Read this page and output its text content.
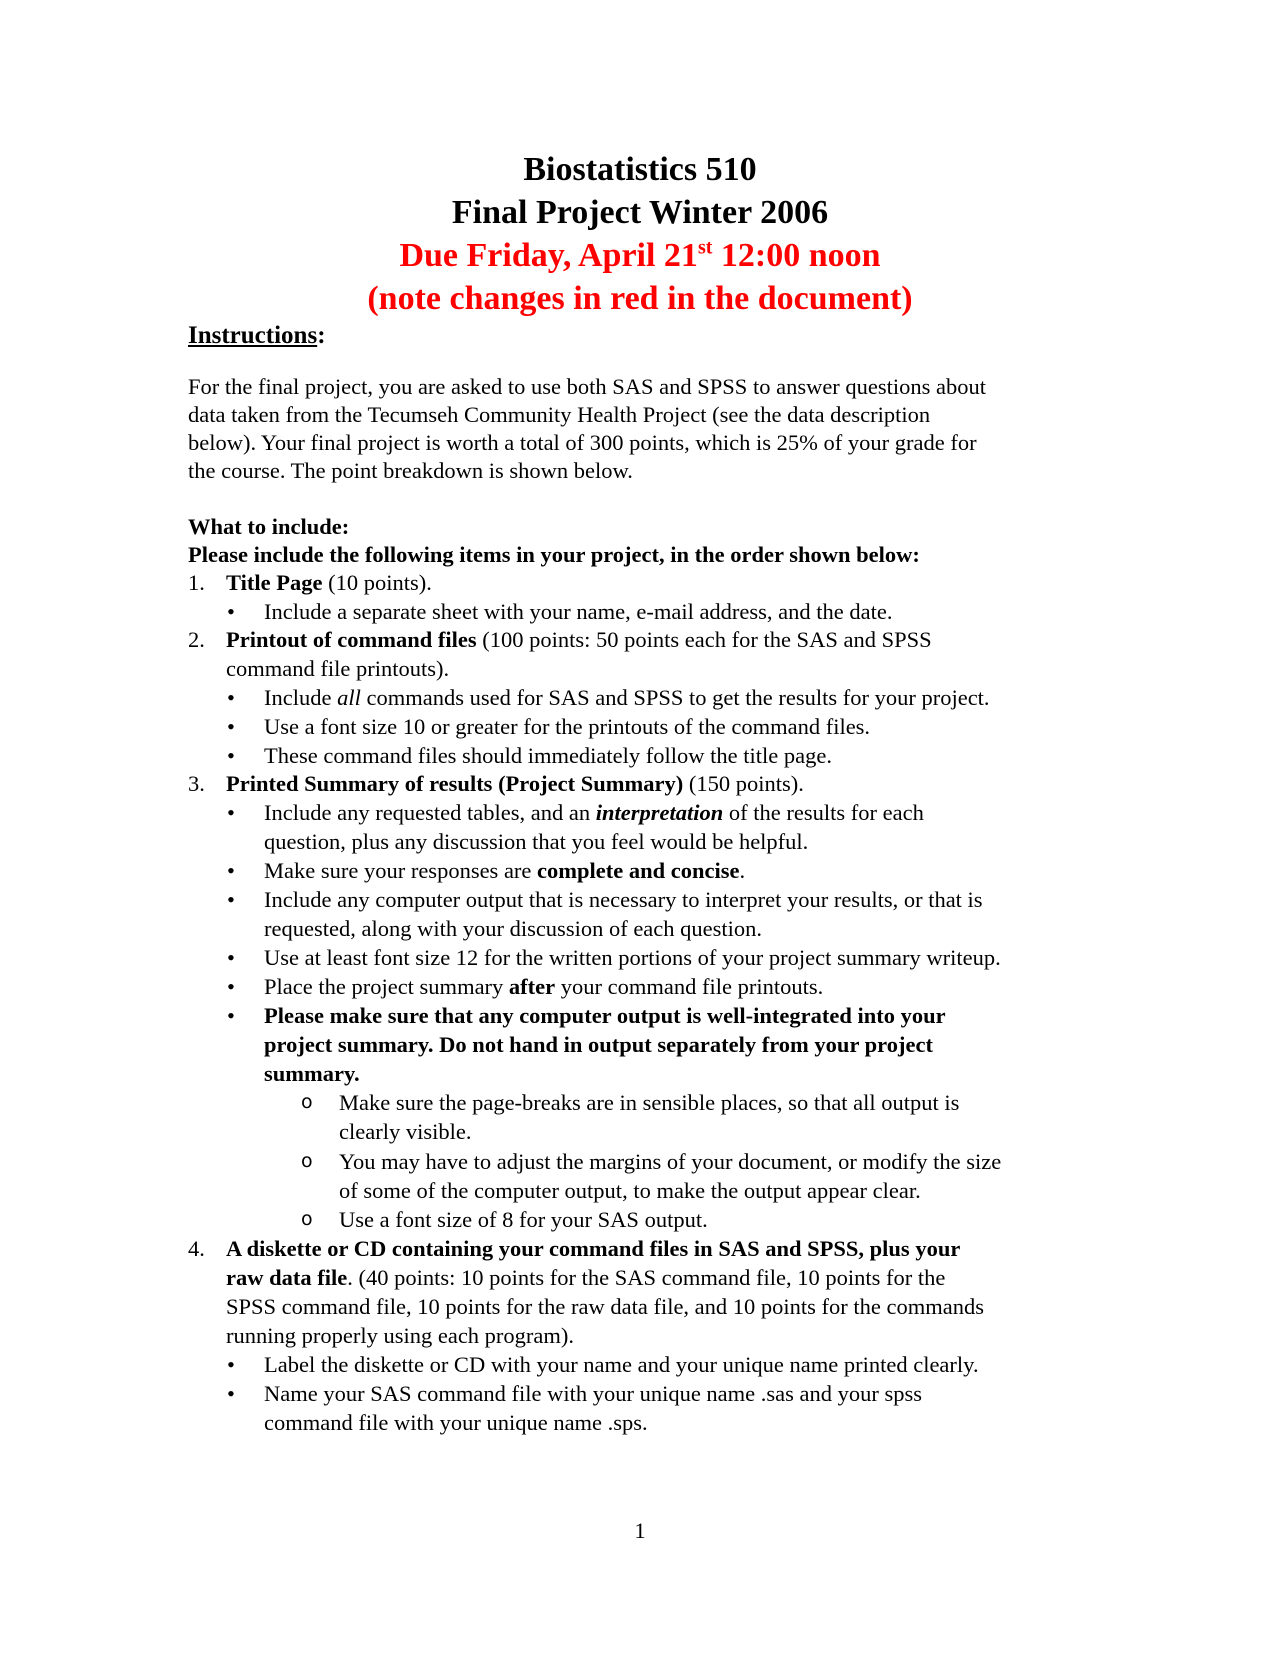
Biostatistics 510
Final Project Winter 2006
Due Friday, April 21st 12:00 noon
(note changes in red in the document)
Instructions:
For the final project, you are asked to use both SAS and SPSS to answer questions about
data taken from the Tecumseh Community Health Project (see the data description
below). Your final project is worth a total of 300 points, which is 25% of your grade for
the course. The point breakdown is shown below.
What to include:
Please include the following items in your project, in the order shown below:
1. Title Page (10 points).
• Include a separate sheet with your name, e-mail address, and the date.
2. Printout of command files (100 points: 50 points each for the SAS and SPSS
command file printouts).
• Include all commands used for SAS and SPSS to get the results for your project.
• Use a font size 10 or greater for the printouts of the command files.
• These command files should immediately follow the title page.
3. Printed Summary of results (Project Summary) (150 points).
• Include any requested tables, and an interpretation of the results for each
question, plus any discussion that you feel would be helpful.
• Make sure your responses are complete and concise.
• Include any computer output that is necessary to interpret your results, or that is
requested, along with your discussion of each question.
• Use at least font size 12 for the written portions of your project summary writeup.
• Place the project summary after your command file printouts.
• Please make sure that any computer output is well-integrated into your
project summary. Do not hand in output separately from your project
summary.
o Make sure the page-breaks are in sensible places, so that all output is
clearly visible.
o You may have to adjust the margins of your document, or modify the size
of some of the computer output, to make the output appear clear.
o Use a font size of 8 for your SAS output.
4. A diskette or CD containing your command files in SAS and SPSS, plus your
raw data file. (40 points: 10 points for the SAS command file, 10 points for the
SPSS command file, 10 points for the raw data file, and 10 points for the commands
running properly using each program).
• Label the diskette or CD with your name and your unique name printed clearly.
• Name your SAS command file with your unique name .sas and your spss
command file with your unique name .sps.
1
